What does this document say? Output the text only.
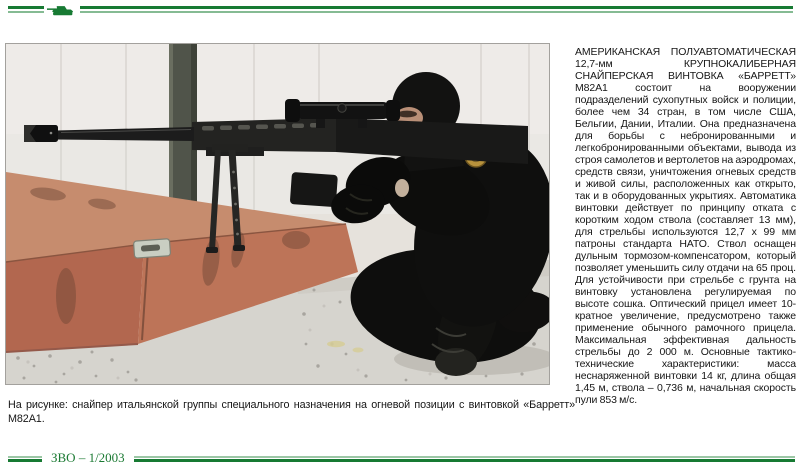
АМЕРИКАНСКАЯ ПОЛУАВТОМАТИЧЕСКАЯ 12,7-мм КРУПНОКАЛИБЕРНАЯ СНАЙПЕРСКАЯ ВИНТОВКА «БАРРЕТТ» М82А1 состоит на вооружении подразделений сухопутных войск и полиции, более чем 34 стран, в том числе США, Бельгии, Дании, Италии. Она предназначена для борьбы с небронированными и легкобронированными объектами, вывода из строя самолетов и вертолетов на аэродромах, средств связи, уничтожения огневых средств и живой силы, расположенных как открыто, так и в оборудованных укрытиях. Автоматика винтовки действует по принципу отката с коротким ходом ствола (составляет 13 мм), для стрельбы используются 12,7 х 99 мм патроны стандарта НАТО. Ствол оснащен дульным тормозом-компенсатором, который позволяет уменьшить силу отдачи на 65 проц. Для устойчивости при стрельбе с грунта на винтовку установлена регулируемая по высоте сошка. Оптический прицел имеет 10-кратное увеличение, предусмотрено также применение обычного рамочного прицела. Максимальная эффективная дальность стрельбы до 2 000 м. Основные тактико-технические характеристики: масса неснаряженной винтовки 14 кг, длина общая 1,45 м, ствола – 0,736 м, начальная скорость пули 853 м/с.
На рисунке: снайпер итальянской группы специального назначения на огневой позиции с винтовкой «Барретт» М82А1.
ЗВО – 1/2003
